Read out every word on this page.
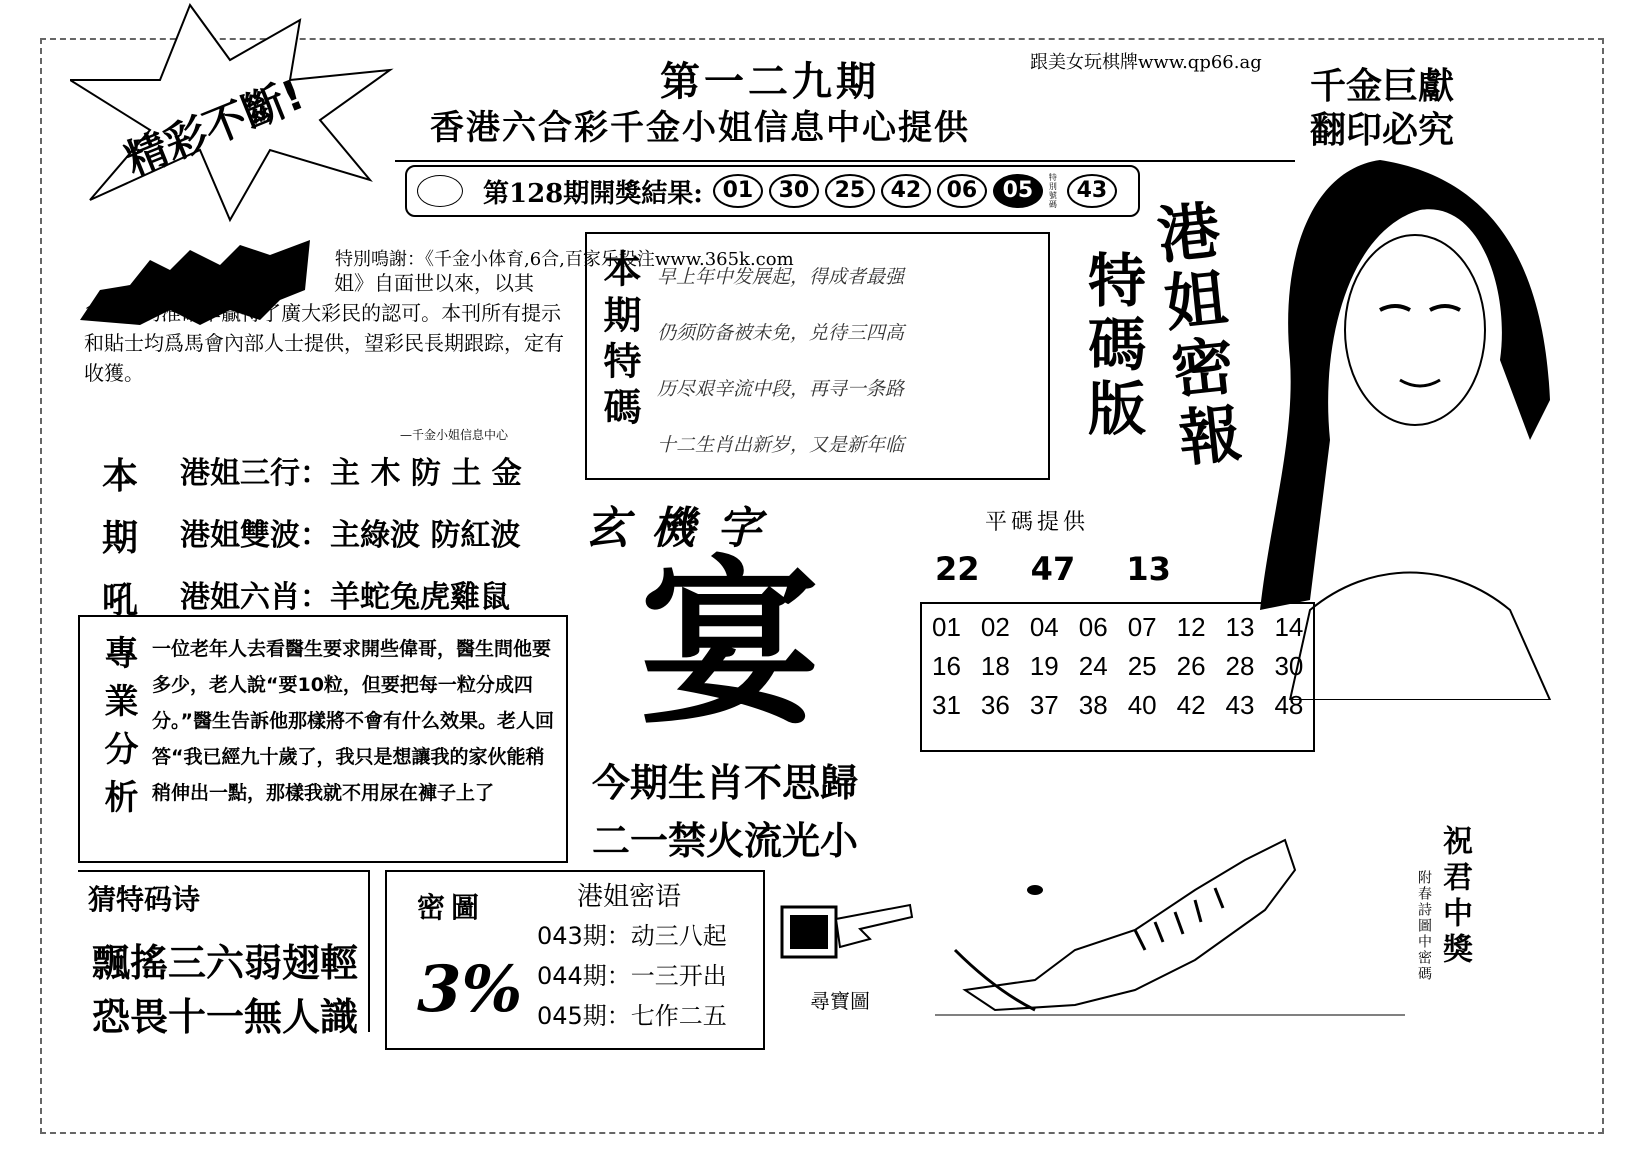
精彩不斷!	第一二九期
香港六合彩千金小姐信息中心提供
跟美女玩棋牌www.qp66.ag
千金巨獻
翻印必究
第128期開獎結果: 01	30	25	42	06	05
特別號碼
43
特別鳴謝：《千金小体育,6合,百家乐投注www.365k.com
姐》自面世以來，以其100%的准確率贏得了廣大彩民的認可。本刊所有提示和貼士均爲馬會內部人士提供，望彩民長期跟踪，定有收獲。
—千金小姐信息中心
本期特碼 早上年中发展起，得成者最强
仍须防备被未免，兑待三四高
历尽艰辛流中段，再寻一条路
十二生肖出新岁，又是新年临
特碼版
港姐密報
本
期
吼
港姐三行：主 木 防 土 金
港姐雙波：主綠波 防紅波
港姐六肖：羊蛇兔虎雞鼠
玄機字
宴
今期生肖不思歸
二一禁火流光小
平碼提供
22 47 13
01	02	04	06	07	12	13	14
16	18	19	24	25	26	28	30
31	36	37	38	40	42	43	48
專業分析 一位老年人去看醫生要求開些偉哥，醫生問他要多少，老人說“要10粒，但要把每一粒分成四分。”醫生告訴他那樣將不會有什么效果。老人回答“我已經九十歲了，我只是想讓我的家伙能稍稍伸出一點，那樣我就不用尿在褲子上了
猜特码诗
飄搖三六弱翅輕
恐畏十一無人識
密圖
3%
港姐密语
043期：动三八起
044期：一三开出
045期：七作二五
尋寶圖
祝君中獎
附春詩圖中密碼
